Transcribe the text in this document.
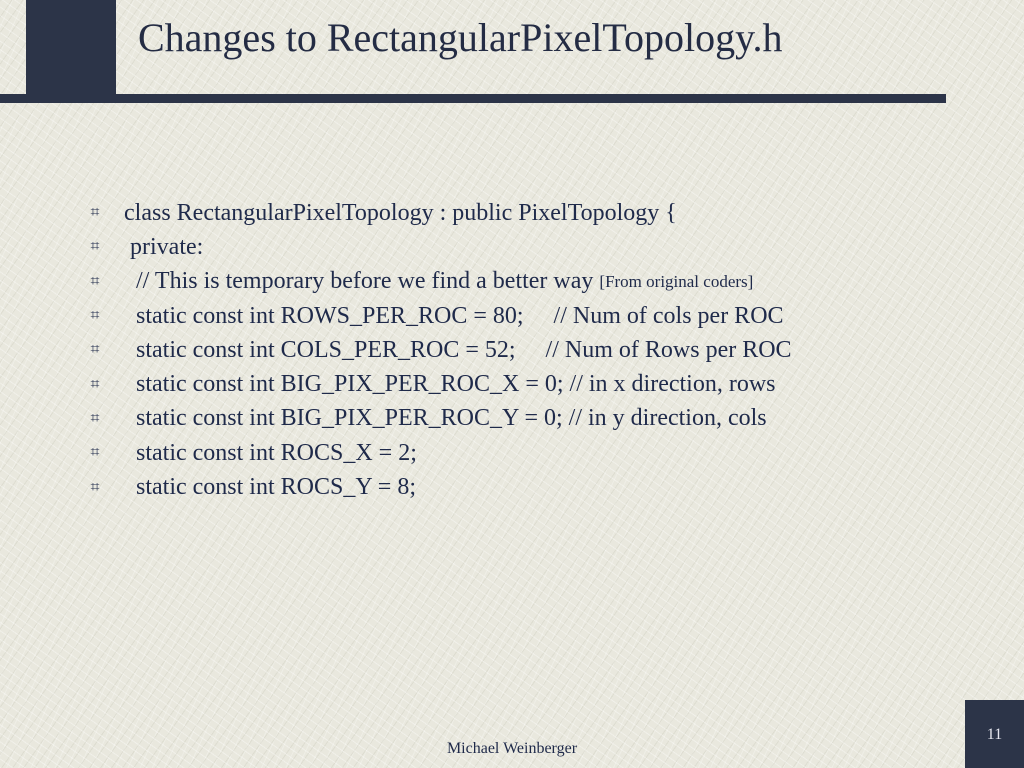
Changes to RectangularPixelTopology.h
⌗ class RectangularPixelTopology : public PixelTopology {
⌗ private:
⌗ // This is temporary before we find a better way [From original coders]
⌗ static const int ROWS_PER_ROC = 80;     // Num of cols per ROC
⌗ static const int COLS_PER_ROC = 52;     // Num of Rows per ROC
⌗ static const int BIG_PIX_PER_ROC_X = 0; // in x direction, rows
⌗ static const int BIG_PIX_PER_ROC_Y = 0; // in y direction, cols
⌗ static const int ROCS_X = 2;
⌗ static const int ROCS_Y = 8;
11
Michael Weinberger
